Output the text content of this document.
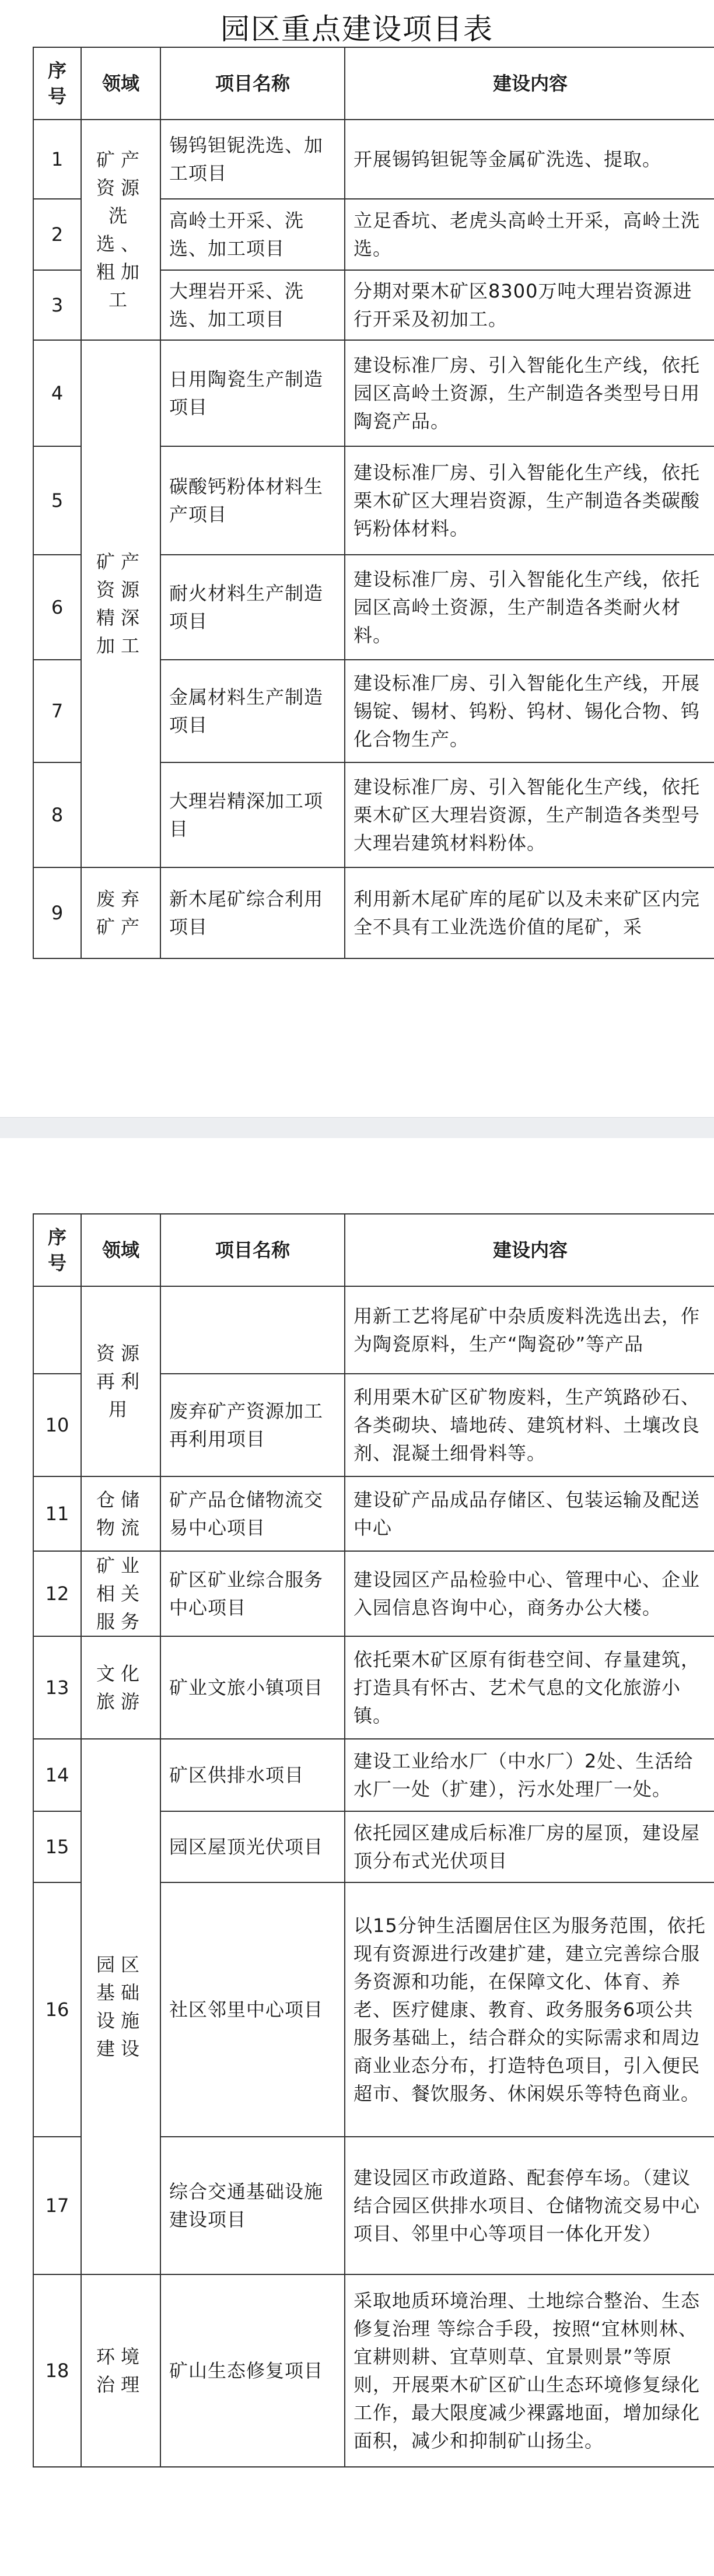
园区重点建设项目表
序号	领域	项目名称	建设内容
1	矿产资源洗选、粗加工	锡钨钽铌洗选、加工项目	开展锡钨钽铌等金属矿洗选、提取。
2		高岭土开采、洗选、加工项目	立足香坑、老虎头高岭土开采，高岭土洗选。
3		大理岩开采、洗选、加工项目	分期对栗木矿区8300万吨大理岩资源进行开采及初加工。
4	矿产资源精深加工	日用陶瓷生产制造项目	建设标准厂房、引入智能化生产线，依托园区高岭土资源，生产制造各类型号日用陶瓷产品。
5		碳酸钙粉体材料生产项目	建设标准厂房、引入智能化生产线，依托栗木矿区大理岩资源，生产制造各类碳酸钙粉体材料。
6		耐火材料生产制造项目	建设标准厂房、引入智能化生产线，依托园区高岭土资源，生产制造各类耐火材料。
7		金属材料生产制造项目	建设标准厂房、引入智能化生产线，开展锡锭、锡材、钨粉、钨材、锡化合物、钨化合物生产。
8		大理岩精深加工项目	建设标准厂房、引入智能化生产线，依托栗木矿区大理岩资源，生产制造各类型号大理岩建筑材料粉体。
9	废弃矿产	新木尾矿综合利用项目	利用新木尾矿库的尾矿以及未来矿区内完全不具有工业洗选价值的尾矿，采
序号	领域	项目名称	建设内容
	资源再利用		用新工艺将尾矿中杂质废料洗选出去，作为陶瓷原料，生产“陶瓷砂”等产品
10		废弃矿产资源加工再利用项目	利用栗木矿区矿物废料，生产筑路砂石、各类砌块、墙地砖、建筑材料、土壤改良剂、混凝土细骨料等。
11	仓储物流	矿产品仓储物流交易中心项目	建设矿产品成品存储区、包装运输及配送中心
12	矿业相关服务	矿区矿业综合服务中心项目	建设园区产品检验中心、管理中心、企业入园信息咨询中心，商务办公大楼。
13	文化旅游	矿业文旅小镇项目	依托栗木矿区原有街巷空间、存量建筑，打造具有怀古、艺术气息的文化旅游小镇。
14	园区基础设施建设	矿区供排水项目	建设工业给水厂（中水厂）2处、生活给水厂一处（扩建），污水处理厂一处。
15		园区屋顶光伏项目	依托园区建成后标准厂房的屋顶，建设屋顶分布式光伏项目
16		社区邻里中心项目	以15分钟生活圈居住区为服务范围，依托现有资源进行改建扩建，建立完善综合服务资源和功能，在保障文化、体育、养老、医疗健康、教育、政务服务6项公共服务基础上，结合群众的实际需求和周边商业业态分布，打造特色项目，引入便民超市、餐饮服务、休闲娱乐等特色商业。
17		综合交通基础设施建设项目	建设园区市政道路、配套停车场。（建议结合园区供排水项目、仓储物流交易中心项目、邻里中心等项目一体化开发）
18	环境治理	矿山生态修复项目	采取地质环境治理、土地综合整治、生态修复治理 等综合手段，按照“宜林则林、宜耕则耕、宜草则草、宜景则景”等原则，开展栗木矿区矿山生态环境修复绿化工作，最大限度减少裸露地面，增加绿化面积，减少和抑制矿山扬尘。
